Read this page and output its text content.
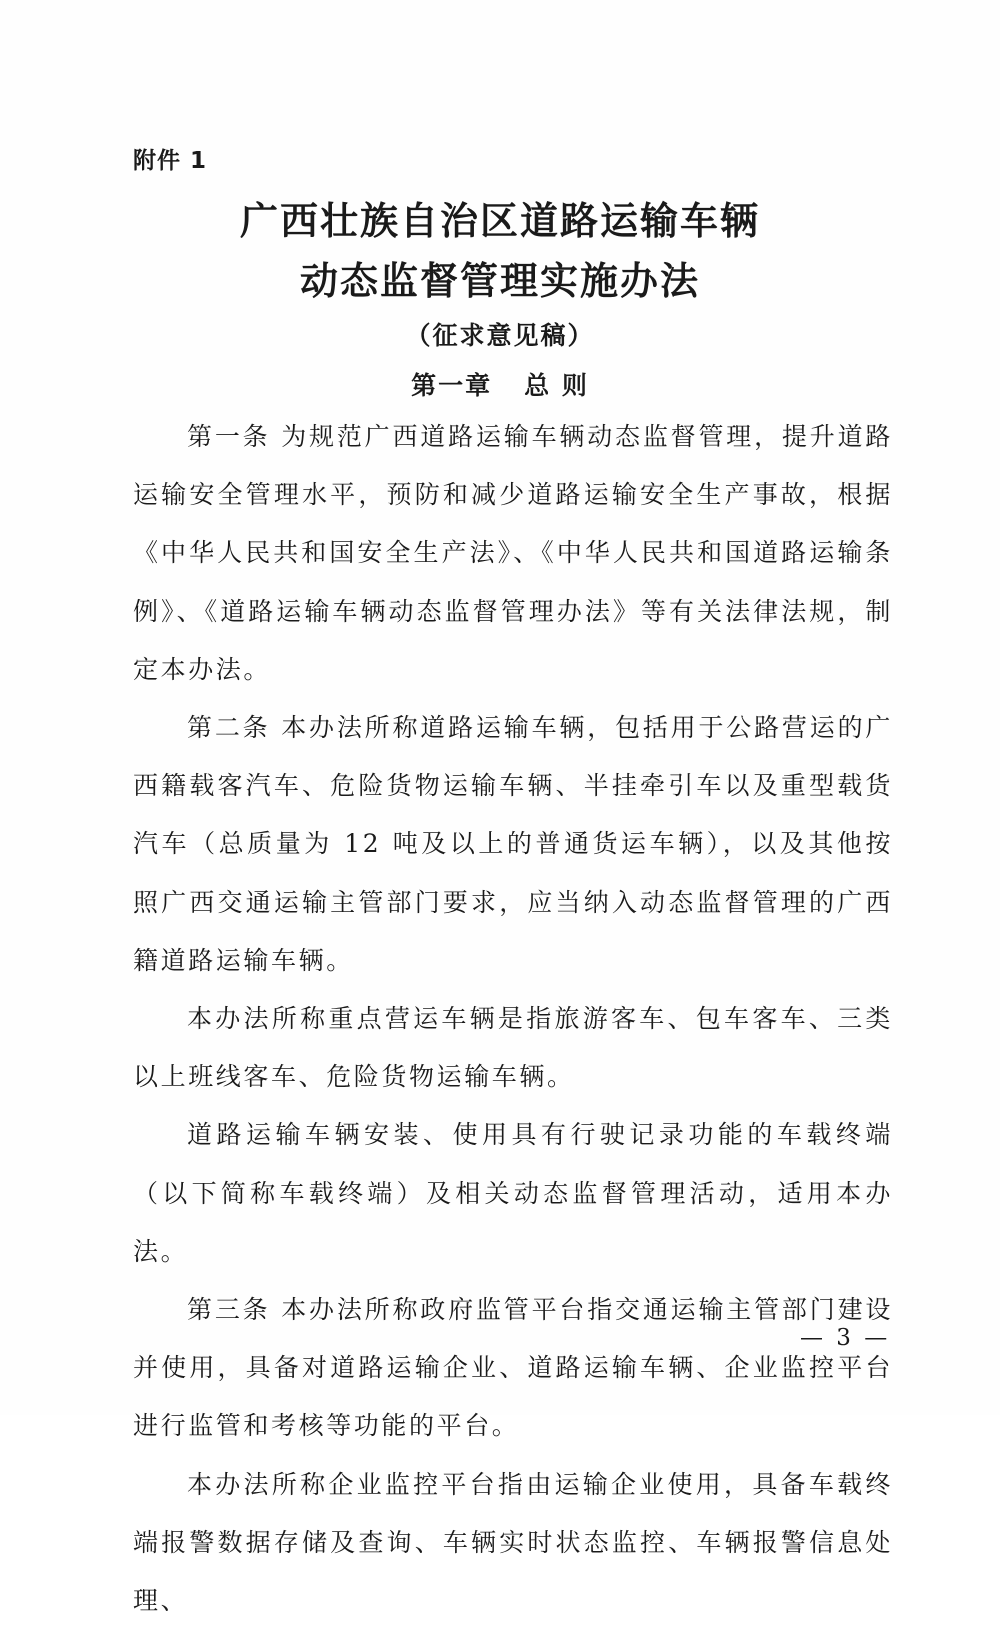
附件 1
广西壮族自治区道路运输车辆
动态监督管理实施办法
（征求意见稿）
第一章 总 则

第一条 为规范广西道路运输车辆动态监督管理，提升道路运输安全管理水平，预防和减少道路运输安全生产事故，根据《中华人民共和国安全生产法》、《中华人民共和国道路运输条例》、《道路运输车辆动态监督管理办法》等有关法律法规，制定本办法。

第二条 本办法所称道路运输车辆，包括用于公路营运的广西籍载客汽车、危险货物运输车辆、半挂牵引车以及重型载货汽车（总质量为 12 吨及以上的普通货运车辆），以及其他按照广西交通运输主管部门要求，应当纳入动态监督管理的广西籍道路运输车辆。

本办法所称重点营运车辆是指旅游客车、包车客车、三类以上班线客车、危险货物运输车辆。

道路运输车辆安装、使用具有行驶记录功能的车载终端（以下简称车载终端）及相关动态监督管理活动，适用本办法。

第三条 本办法所称政府监管平台指交通运输主管部门建设并使用，具备对道路运输企业、道路运输车辆、企业监控平台进行监管和考核等功能的平台。

本办法所称企业监控平台指由运输企业使用，具备车载终端报警数据存储及查询、车辆实时状态监控、车辆报警信息处理、

— 3 —
